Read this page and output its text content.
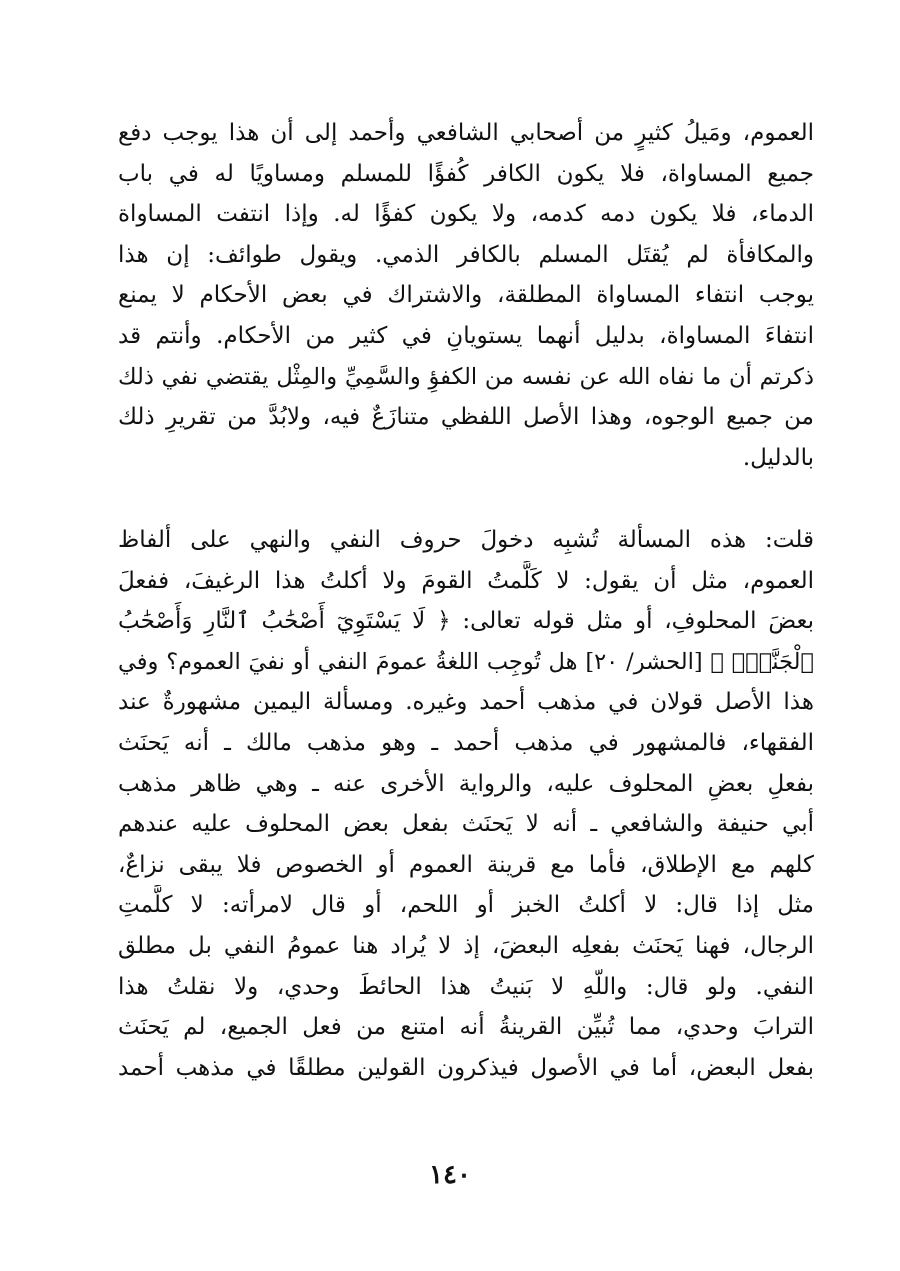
العموم، ومَيلُ كثيرٍ من أصحابي الشافعي وأحمد إلى أن هذا يوجب دفع
جميع المساواة، فلا يكون الكافر كُفؤًا للمسلم ومساويًا له في باب
الدماء، فلا يكون دمه كدمه، ولا يكون كفؤًا له. وإذا انتفت المساواة
والمكافأة لم يُقتَل المسلم بالكافر الذمي. ويقول طوائف: إن هذا
يوجب انتفاء المساواة المطلقة، والاشتراك في بعض الأحكام لا يمنع
انتفاءَ المساواة، بدليل أنهما يستويانِ في كثير من الأحكام. وأنتم قد
ذكرتم أن ما نفاه الله عن نفسه من الكفؤِ والسَّمِيِّ والمِثْل يقتضي نفي ذلك
من جميع الوجوه، وهذا الأصل اللفظي متنازَعٌ فيه، ولابُدَّ من تقريرِ ذلك
بالدليل.
قلت: هذه المسألة تُشبِه دخولَ حروف النفي والنهي على ألفاظ
العموم، مثل أن يقول: لا كَلَّمتُ القومَ ولا أكلتُ هذا الرغيفَ، ففعلَ
بعضَ المحلوفِ، أو مثل قوله تعالى: ﴿ لَا يَسْتَوِيٓ أَصْحَٰبُ ٱلنَّارِ وَأَصْحَٰبُ
ٱلْجَنَّةِۚ ﴾ [الحشر/ ٢٠] هل تُوجِب اللغةُ عمومَ النفي أو نفيَ العموم؟ وفي
هذا الأصل قولان في مذهب أحمد وغيره. ومسألة اليمين مشهورةٌ عند
الفقهاء، فالمشهور في مذهب أحمد ـ وهو مذهب مالك ـ أنه يَحنَث
بفعلِ بعضِ المحلوف عليه، والرواية الأخرى عنه ـ وهي ظاهر مذهب
أبي حنيفة والشافعي ـ أنه لا يَحنَث بفعل بعض المحلوف عليه عندهم
كلهم مع الإطلاق، فأما مع قرينة العموم أو الخصوص فلا يبقى نزاعٌ،
مثل إذا قال: لا أكلتُ الخبز أو اللحم، أو قال لامرأته: لا كلَّمتِ
الرجال، فهنا يَحنَث بفعلِه البعضَ، إذ لا يُراد هنا عمومُ النفي بل مطلق
النفي. ولو قال: واللّهِ لا بَنيتُ هذا الحائطَ وحدي، ولا نقلتُ هذا
الترابَ وحدي، مما تُبيِّن القرينةُ أنه امتنع من فعل الجميع، لم يَحنَث
بفعل البعض، أما في الأصول فيذكرون القولين مطلقًا في مذهب أحمد
١٤٠
